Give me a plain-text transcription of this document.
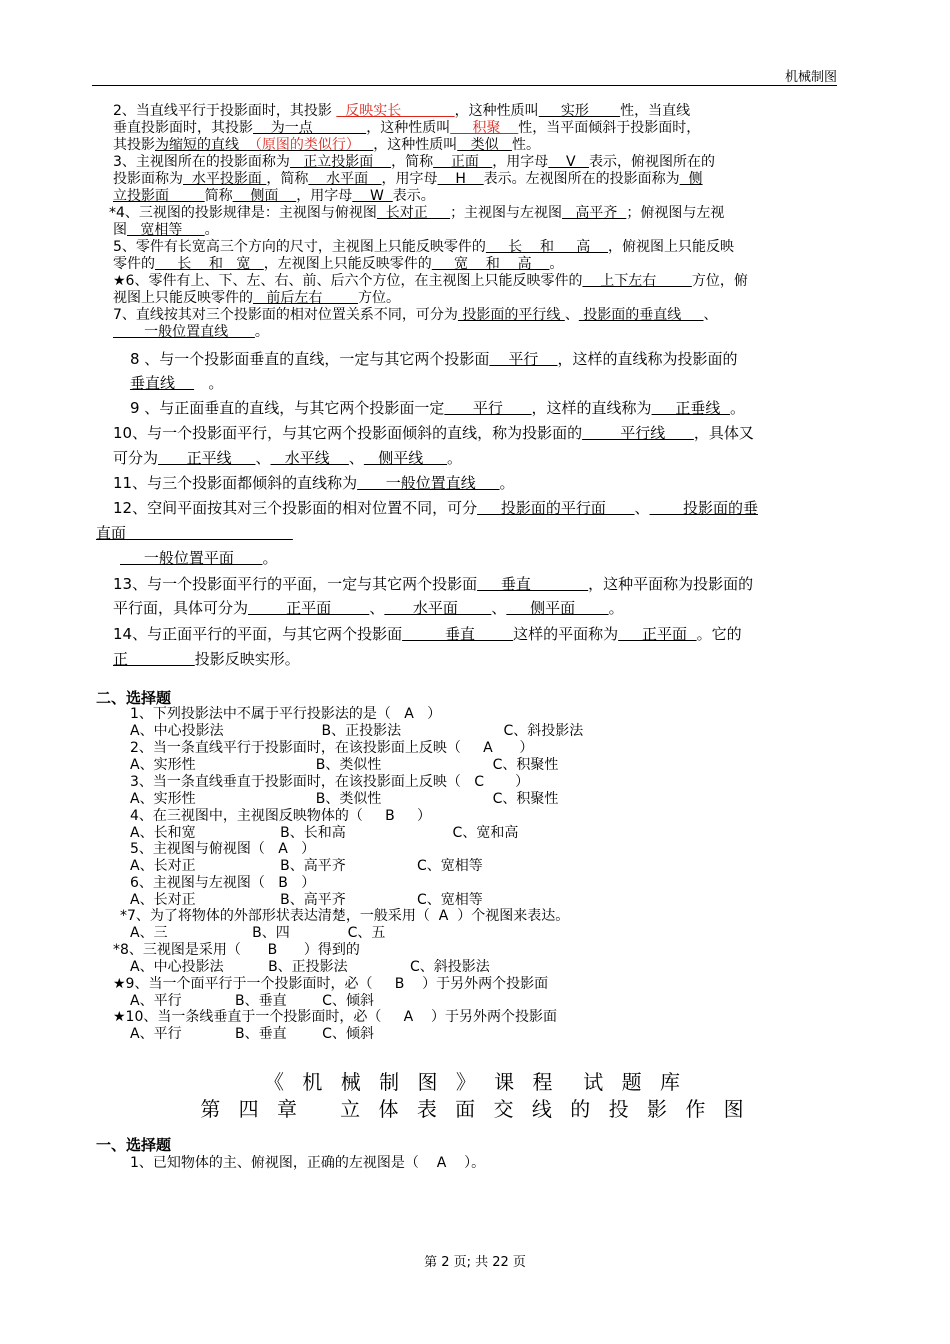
机械制图
2、当直线平行于投影面时，其投影   反映实长            ，这种性质叫     实形       性，当直线
垂直投影面时，其投影    为一点            ，这种性质叫     积聚    性，当平面倾斜于投影面时，
其投影为缩短的直线  （原图的类似行） ，这种性质叫   类似   性。
3、主视图所在的投影面称为   正立投影面    ，简称    正面   ，用字母    V   表示，俯视图所在的
投影面称为  水平投影面 ，简称    水平面   ，用字母    H    表示。左视图所在的投影面称为  侧
立投影面        简称    侧面    ，用字母    W  表示。
*4、三视图的投影规律是：主视图与俯视图  长对正     ；主视图与左视图   高平齐  ；俯视图与左视
图   宽相等     。
5、零件有长宽高三个方向的尺寸，主视图上只能反映零件的     长    和     高    ，俯视图上只能反映
零件的     长    和   宽   ，左视图上只能反映零件的     宽    和    高    。
★6、零件有上、下、左、右、前、后六个方位，在主视图上只能反映零件的    上下左右        方位，俯
视图上只能反映零件的   前后左右        方位。
7、直线按其对三个投影面的相对位置关系不同，可分为 投影面的平行线 、 投影面的垂直线     、
一般位置直线      。
8 、与一个投影面垂直的直线，一定与其它两个投影面    平行    ，这样的直线称为投影面的
垂直线       。
9 、与正面垂直的直线，与其它两个投影面一定      平行      ，这样的直线称为     正垂线  。
10、与一个投影面平行，与其它两个投影面倾斜的直线，称为投影面的        平行线      ，具体又
可分为      正平线     、   水平线    、   侧平线     。
11、与三个投影面都倾斜的直线称为      一般位置直线     。
12、空间平面按其对三个投影面的相对位置不同，可分     投影面的平行面      、       投影面的垂
直面
一般位置平面      。
13、与一个投影面平行的平面，一定与其它两个投影面     垂直            ，这种平面称为投影面的
平行面，具体可分为        正平面        、      水平面       、     侧平面       。
14、与正面平行的平面，与其它两个投影面         垂直        这样的平面称为     正平面  。它的
正              投影反映实形。
二、选择题
1、下列投影法中不属于平行投影法的是（   A   ）
A、中心投影法                      B、正投影法                       C、斜投影法
2、当一条直线平行于投影面时，在该投影面上反映（     A      ）
A、实形性                           B、类似性                         C、积聚性
3、当一条直线垂直于投影面时，在该投影面上反映（   C       ）
A、实形性                           B、类似性                         C、积聚性
4、在三视图中，主视图反映物体的（     B     ）
A、长和宽                   B、长和高                        C、宽和高
5、主视图与俯视图（   A   ）
A、长对正                   B、高平齐                C、宽相等
6、主视图与左视图（   B   ）
A、长对正                   B、高平齐                C、宽相等
*7、为了将物体的外部形状表达清楚，一般采用（  A  ）个视图来表达。
A、三                   B、四             C、五
*8、三视图是采用（      B      ）得到的
A、中心投影法          B、正投影法              C、斜投影法
★9、当一个面平行于一个投影面时，必（     B    ）于另外两个投影面
A、平行            B、垂直        C、倾斜
★10、当一条线垂直于一个投影面时，必（     A    ）于另外两个投影面
A、平行            B、垂直        C、倾斜
《 机 械 制 图 》 课 程  试 题 库
第 四 章   立 体 表 面 交 线 的 投 影 作 图
一、选择题
1、已知物体的主、俯视图，正确的左视图是（    A    ）。
第 2 页; 共 22 页
